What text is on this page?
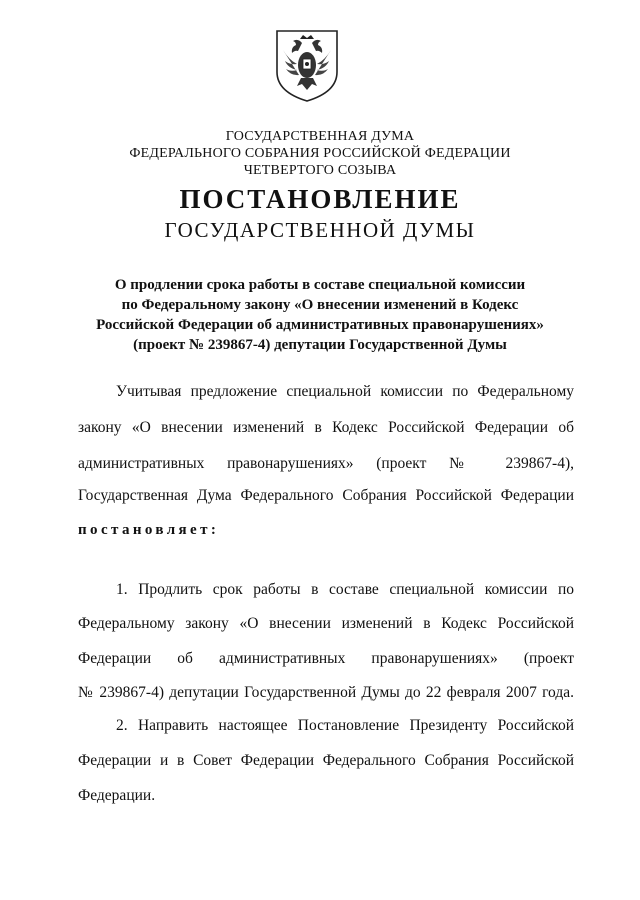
ГОСУДАРСТВЕННАЯ ДУМА
ФЕДЕРАЛЬНОГО СОБРАНИЯ РОССИЙСКОЙ ФЕДЕРАЦИИ
ЧЕТВЕРТОГО СОЗЫВА
ПОСТАНОВЛЕНИЕ
ГОСУДАРСТВЕННОЙ ДУМЫ
О продлении срока работы в составе специальной комиссии
по Федеральному закону «О внесении изменений в Кодекс
Российской Федерации об административных правонарушениях»
(проект № 239867-4) депутации Государственной Думы
Учитывая предложение специальной комиссии по Федеральному
закону «О внесении изменений в Кодекс Российской Федерации об
административных правонарушениях» (проект № 239867-4),
Государственная Дума Федерального Собрания Российской Федерации
постановляет:
1. Продлить срок работы в составе специальной комиссии по
Федеральному закону «О внесении изменений в Кодекс Российской
Федерации об административных правонарушениях» (проект
№ 239867-4) депутации Государственной Думы до 22 февраля 2007 года.
2. Направить настоящее Постановление Президенту Российской
Федерации и в Совет Федерации Федерального Собрания Российской
Федерации.
